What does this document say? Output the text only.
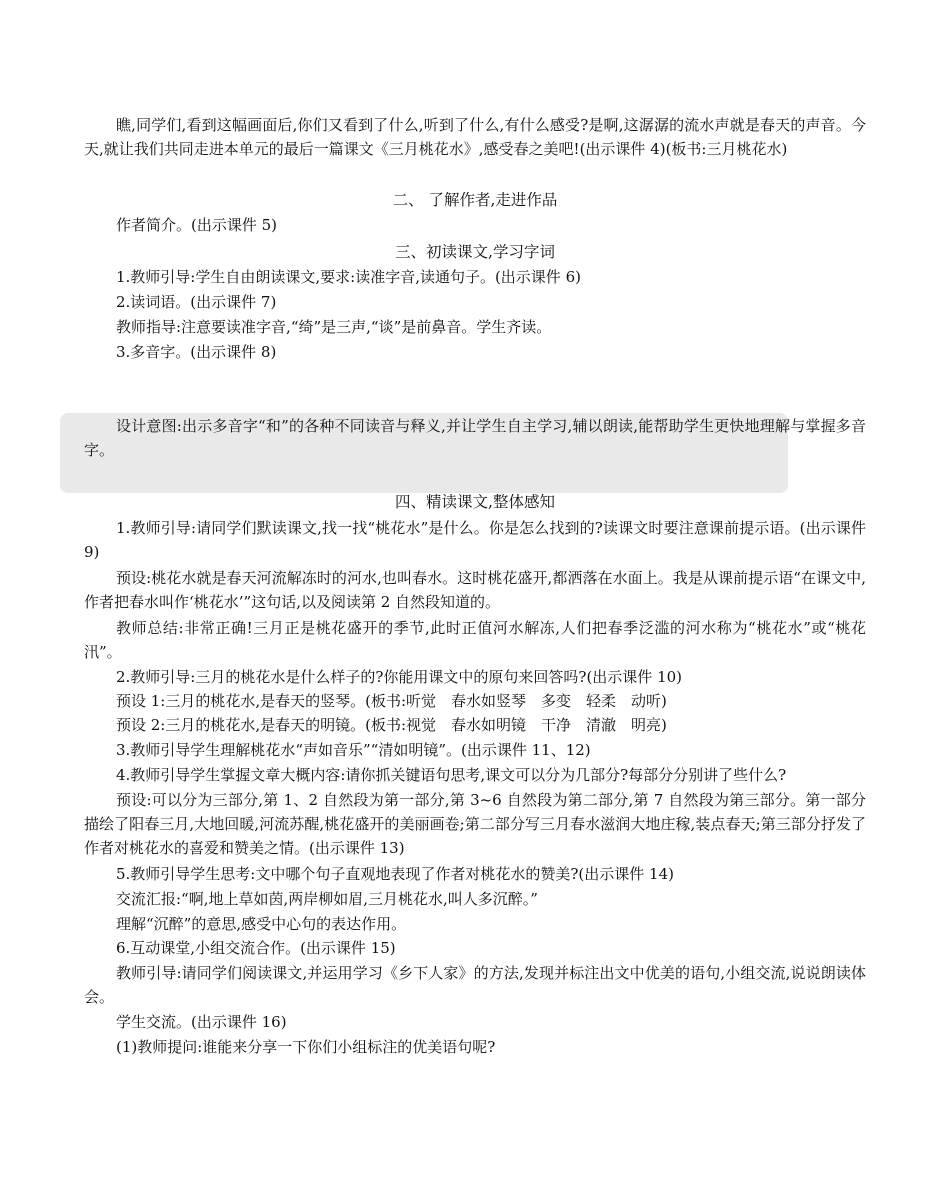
瞧,同学们,看到这幅画面后,你们又看到了什么,听到了什么,有什么感受?是啊,这潺潺的流水声就是春天的声音。今天,就让我们共同走进本单元的最后一篇课文《三月桃花水》,感受春之美吧!(出示课件 4)(板书:三月桃花水)

二、 了解作者,走进作品

作者简介。(出示课件 5)

三、初读课文,学习字词

1.教师引导:学生自由朗读课文,要求:读准字音,读通句子。(出示课件 6)

2.读词语。(出示课件 7)

教师指导:注意要读准字音,“绮”是三声,“谈”是前鼻音。学生齐读。

3.多音字。(出示课件 8)

设计意图:出示多音字“和”的各种不同读音与释义,并让学生自主学习,辅以朗读,能帮助学生更快地理解与掌握多音字。

四、精读课文,整体感知

1.教师引导:请同学们默读课文,找一找“桃花水”是什么。你是怎么找到的?读课文时要注意课前提示语。(出示课件 9)

预设:桃花水就是春天河流解冻时的河水,也叫春水。这时桃花盛开,都洒落在水面上。我是从课前提示语“在课文中,作者把春水叫作‘桃花水’”这句话,以及阅读第 2 自然段知道的。

教师总结:非常正确!三月正是桃花盛开的季节,此时正值河水解冻,人们把春季泛滥的河水称为“桃花水”或“桃花汛”。

2.教师引导:三月的桃花水是什么样子的?你能用课文中的原句来回答吗?(出示课件 10)

预设 1:三月的桃花水,是春天的竖琴。(板书:听觉　春水如竖琴　多变　轻柔　动听)

预设 2:三月的桃花水,是春天的明镜。(板书:视觉　春水如明镜　干净　清澈　明亮)

3.教师引导学生理解桃花水“声如音乐”“清如明镜”。(出示课件 11、12)

4.教师引导学生掌握文章大概内容:请你抓关键语句思考,课文可以分为几部分?每部分分别讲了些什么?

预设:可以分为三部分,第 1、2 自然段为第一部分,第 3~6 自然段为第二部分,第 7 自然段为第三部分。第一部分描绘了阳春三月,大地回暖,河流苏醒,桃花盛开的美丽画卷;第二部分写三月春水滋润大地庄稼,装点春天;第三部分抒发了作者对桃花水的喜爱和赞美之情。(出示课件 13)

5.教师引导学生思考:文中哪个句子直观地表现了作者对桃花水的赞美?(出示课件 14)

交流汇报:“啊,地上草如茵,两岸柳如眉,三月桃花水,叫人多沉醉。”

理解“沉醉”的意思,感受中心句的表达作用。

6.互动课堂,小组交流合作。(出示课件 15)

教师引导:请同学们阅读课文,并运用学习《乡下人家》的方法,发现并标注出文中优美的语句,小组交流,说说朗读体会。

学生交流。(出示课件 16)

(1)教师提问:谁能来分享一下你们小组标注的优美语句呢?
